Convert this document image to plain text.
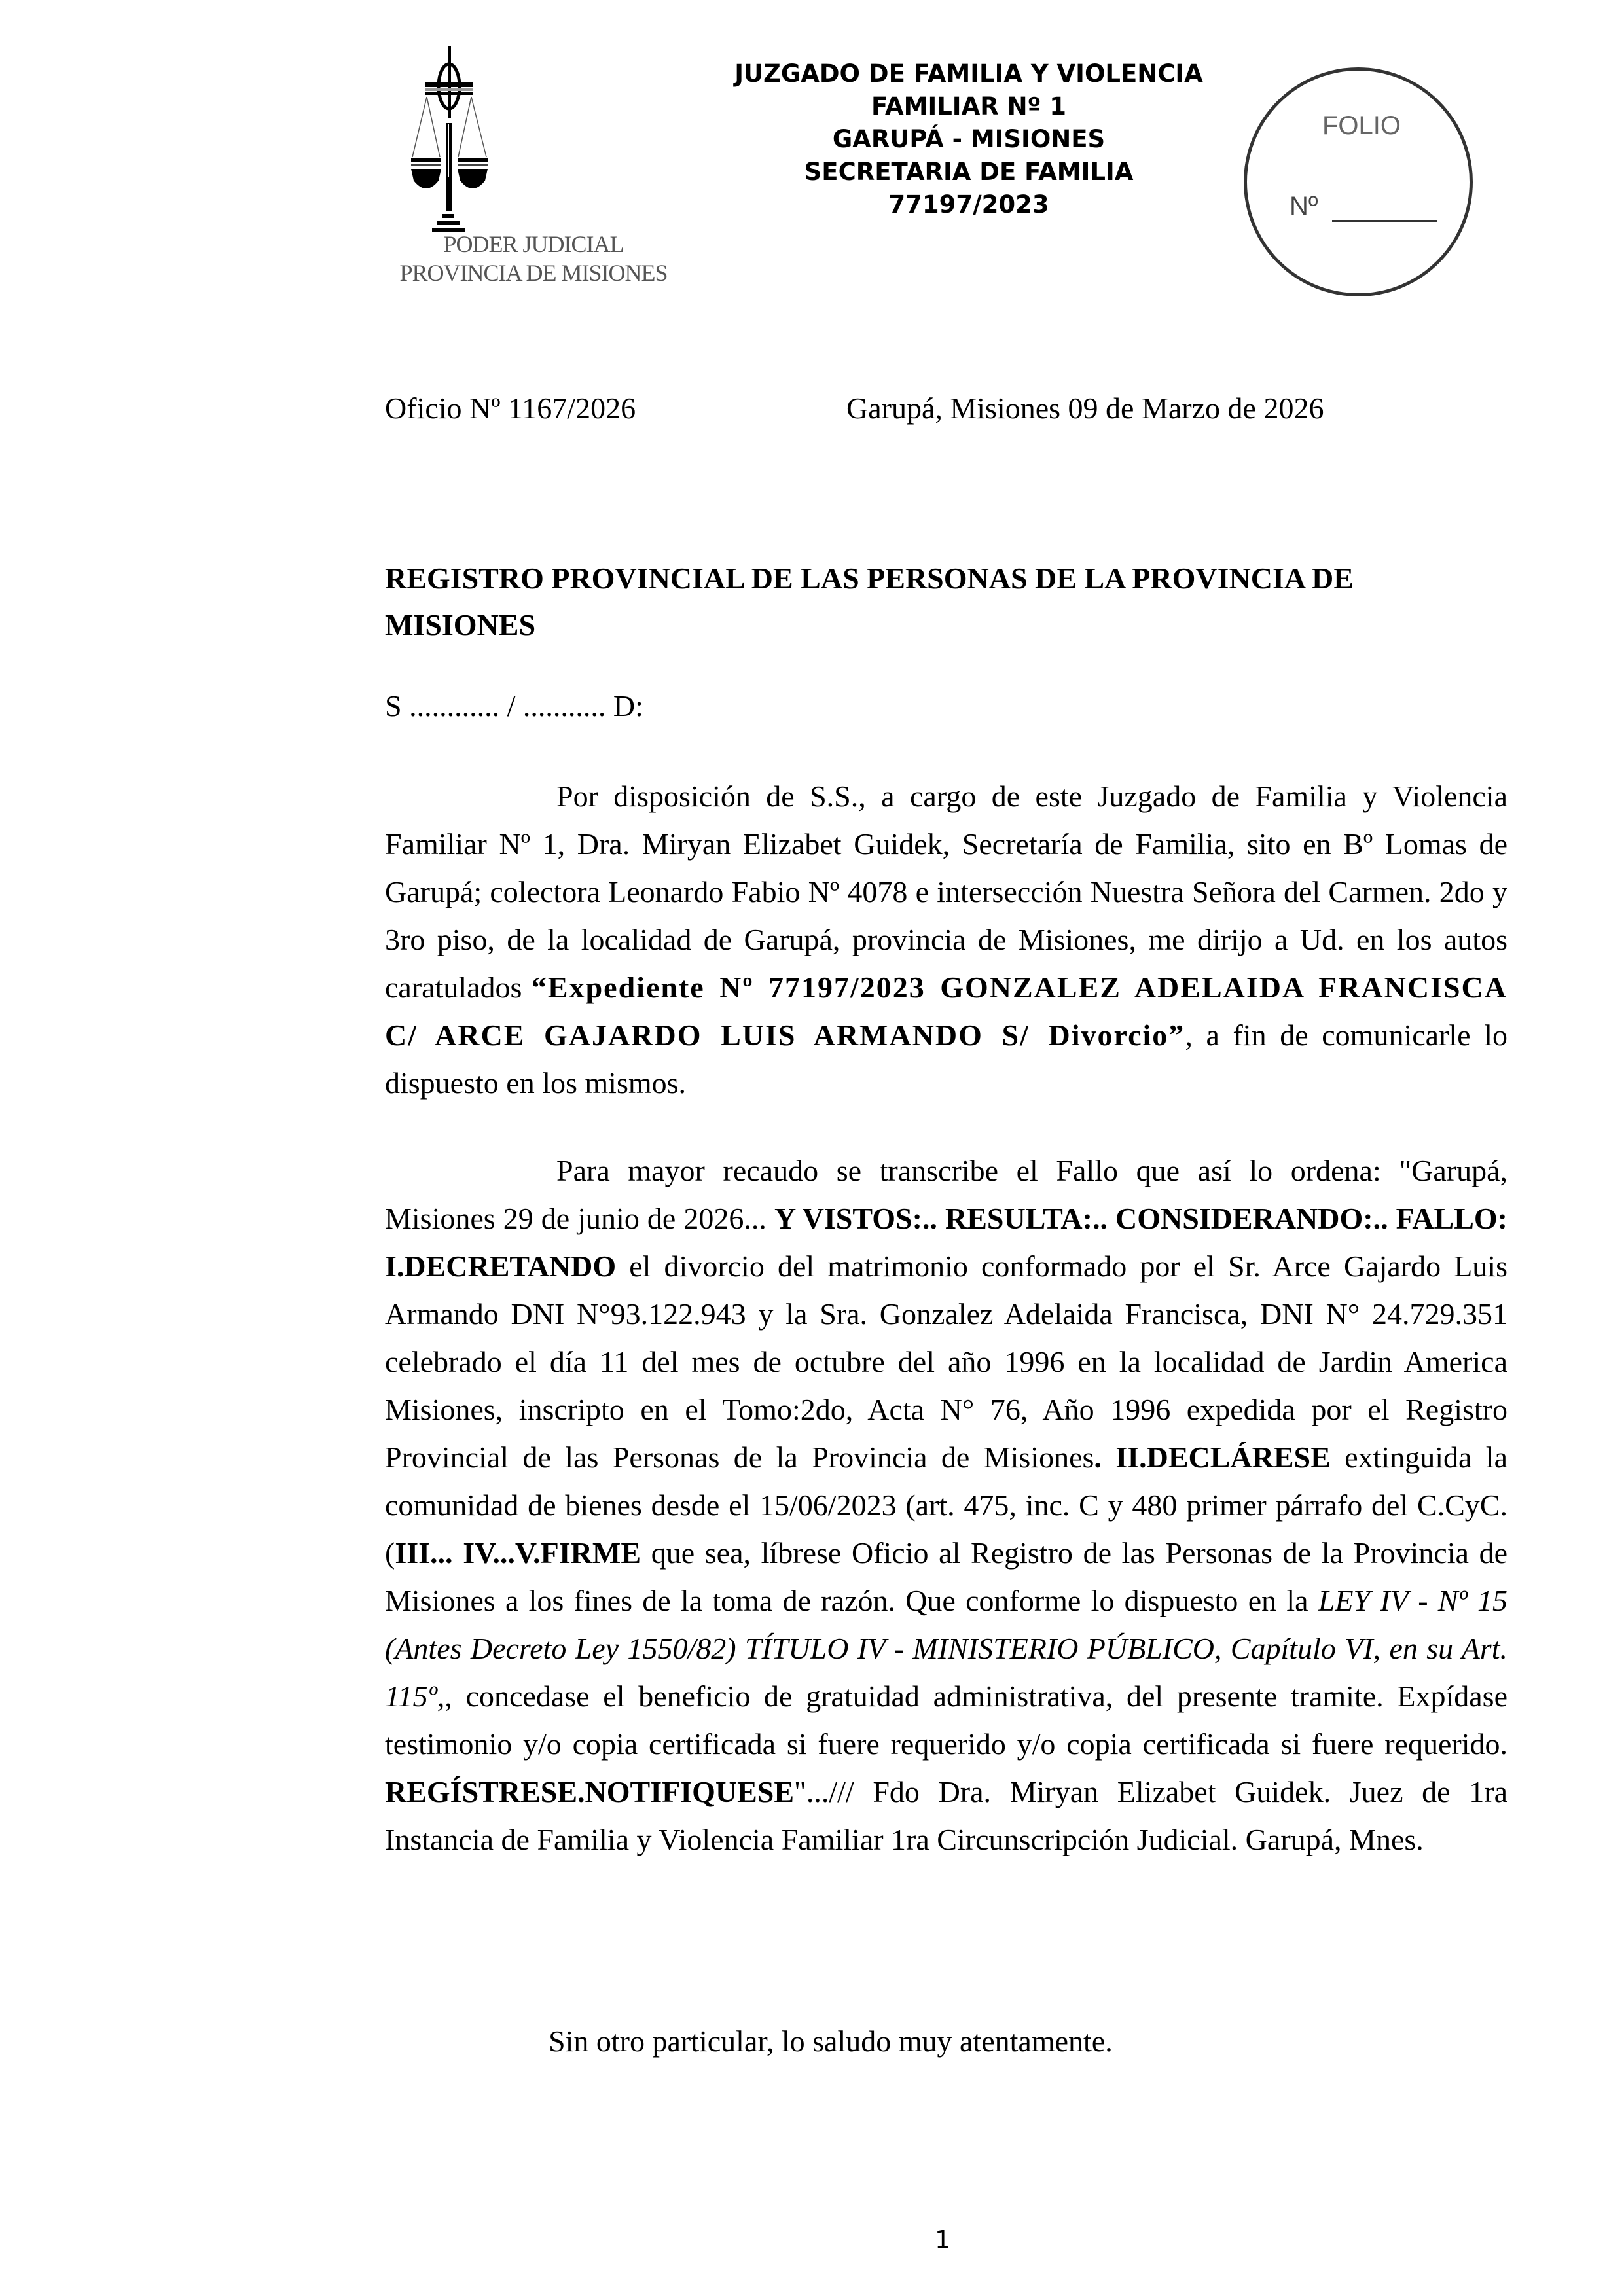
PODER JUDICIAL
PROVINCIA DE MISIONES
JUZGADO DE FAMILIA Y VIOLENCIA
FAMILIAR Nº 1
GARUPÁ - MISIONES
SECRETARIA DE FAMILIA
77197/2023
FOLIO
Nº
Oficio Nº 1167/2026	Garupá, Misiones 09 de Marzo de 2026
REGISTRO PROVINCIAL DE LAS PERSONAS DE LA PROVINCIA DE MISIONES
S ............ / ........... D:
Por disposición de S.S., a cargo de este Juzgado de Familia y Violencia Familiar Nº 1, Dra. Miryan Elizabet Guidek, Secretaría de Familia, sito en Bº Lomas de Garupá; colectora Leonardo Fabio Nº 4078 e intersección Nuestra Señora del Carmen. 2do y 3ro piso, de la localidad de Garupá, provincia de Misiones, me dirijo a Ud. en los autos caratulados “Expediente Nº 77197/2023 GONZALEZ ADELAIDA FRANCISCA C/ ARCE GAJARDO LUIS ARMANDO S/ Divorcio”, a fin de comunicarle lo dispuesto en los mismos.
Para mayor recaudo se transcribe el Fallo que así lo ordena: "Garupá, Misiones 29 de junio de 2026... Y VISTOS:.. RESULTA:.. CONSIDERANDO:.. FALLO: I.DECRETANDO el divorcio del matrimonio conformado por el Sr. Arce Gajardo Luis Armando DNI N°93.122.943 y la Sra. Gonzalez Adelaida Francisca, DNI N° 24.729.351 celebrado el día 11 del mes de octubre del año 1996 en la localidad de Jardin America Misiones, inscripto en el Tomo:2do, Acta N° 76, Año 1996 expedida por el Registro Provincial de las Personas de la Provincia de Misiones. II.DECLÁRESE extinguida la comunidad de bienes desde el 15/06/2023 (art. 475, inc. C y 480 primer párrafo del C.CyC. (III... IV...V.FIRME que sea, líbrese Oficio al Registro de las Personas de la Provincia de Misiones a los fines de la toma de razón. Que conforme lo dispuesto en la LEY IV - Nº 15 (Antes Decreto Ley 1550/82) TÍTULO IV - MINISTERIO PÚBLICO, Capítulo VI, en su Art. 115º,, concedase el beneficio de gratuidad administrativa, del presente tramite. Expídase testimonio y/o copia certificada si fuere requerido y/o copia certificada si fuere requerido. REGÍSTRESE.NOTIFIQUESE".../// Fdo Dra. Miryan Elizabet Guidek. Juez de 1ra Instancia de Familia y Violencia Familiar 1ra Circunscripción Judicial. Garupá, Mnes.
Sin otro particular, lo saludo muy atentamente.
1
